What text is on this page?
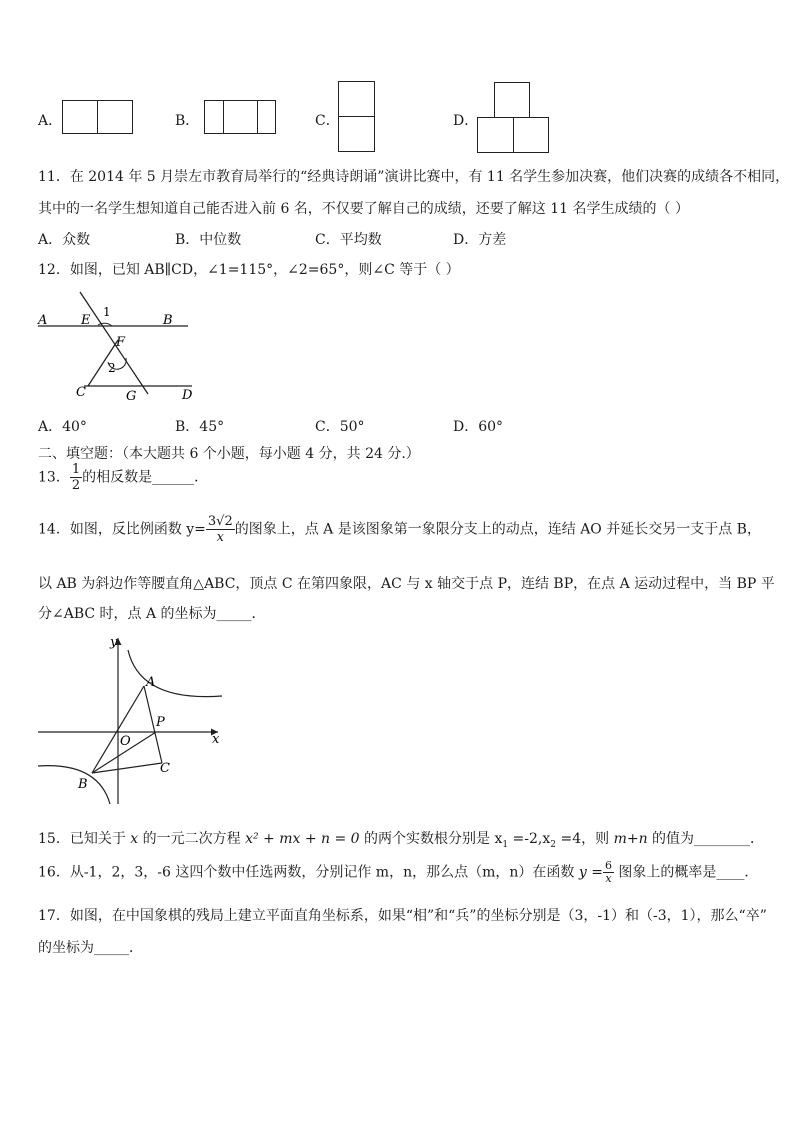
A．	B．	C．	D．
11．在 2014 年 5 月崇左市教育局举行的“经典诗朗诵”演讲比赛中，有 11 名学生参加决赛，他们决赛的成绩各不相同，
其中的一名学生想知道自己能否进入前 6 名，不仅要了解自己的成绩，还要了解这 11 名学生成绩的（ ）
A．众数	B．中位数	C．平均数	D．方差
12．如图，已知 AB∥CD，∠1=115°，∠2=65°，则∠C 等于（ ）
A	E
1
B
F
2
C	G	D
A．40°	B．45°	C．50°	D．60°
二、填空题：（本大题共 6 个小题，每小题 4 分，共 24 分.）
13． $\frac{1}{2}$ 的相反数是______．
14．如图，反比例函数 $y= \frac{3√2}{x}$ 的图象上，点 A 是该图象第一象限分支上的动点，连结 AO 并延长交另一支于点 B，
以 AB 为斜边作等腰直角△ABC，顶点 C 在第四象限，AC 与 x 轴交于点 P，连结 BP，在点 A 运动过程中，当 BP 平
分∠ABC 时，点 A 的坐标为_____．
y
x
A
O
P
B
C
15．已知关于 x 的一元二次方程 x² + mx + n = 0 的两个实数根分别是 $x_1 =-2,x_2 =4$，则 m+n 的值为________．
16．从-1，2，3，-6 这四个数中任选两数，分别记作 m，n，那么点（m，n）在函数 $y = \frac{6}{x}$ 图象上的概率是____．
17．如图，在中国象棋的残局上建立平面直角坐标系，如果“相”和“兵”的坐标分别是（3，-1）和（-3，1），那么“卒”
的坐标为_____．
